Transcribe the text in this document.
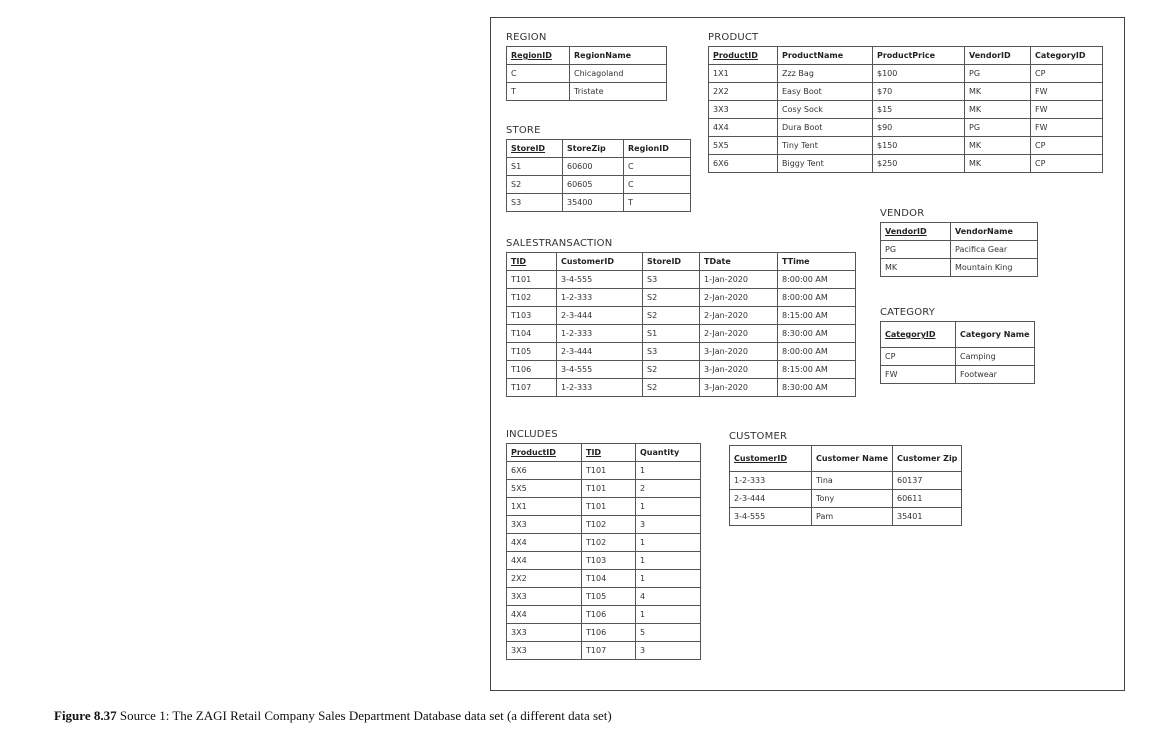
REGION
RegionID	RegionName
C	Chicagoland
T	Tristate
STORE
StoreID	StoreZip	RegionID
S1	60600	C
S2	60605	C
S3	35400	T
PRODUCT
ProductID	ProductName	ProductPrice	VendorID	CategoryID
1X1	Zzz Bag	$100	PG	CP
2X2	Easy Boot	$70	MK	FW
3X3	Cosy Sock	$15	MK	FW
4X4	Dura Boot	$90	PG	FW
5X5	Tiny Tent	$150	MK	CP
6X6	Biggy Tent	$250	MK	CP
VENDOR
VendorID	VendorName
PG	Pacifica Gear
MK	Mountain King
SALESTRANSACTION
TID	CustomerID	StoreID	TDate	TTime
T101	3-4-555	S3	1-Jan-2020	8:00:00 AM
T102	1-2-333	S2	2-Jan-2020	8:00:00 AM
T103	2-3-444	S2	2-Jan-2020	8:15:00 AM
T104	1-2-333	S1	2-Jan-2020	8:30:00 AM
T105	2-3-444	S3	3-Jan-2020	8:00:00 AM
T106	3-4-555	S2	3-Jan-2020	8:15:00 AM
T107	1-2-333	S2	3-Jan-2020	8:30:00 AM
CATEGORY
CategoryID	Category Name
CP	Camping
FW	Footwear
INCLUDES
ProductID	TID	Quantity
6X6	T101	1
5X5	T101	2
1X1	T101	1
3X3	T102	3
4X4	T102	1
4X4	T103	1
2X2	T104	1
3X3	T105	4
4X4	T106	1
3X3	T106	5
3X3	T107	3
CUSTOMER
CustomerID	Customer Name	Customer Zip
1-2-333	Tina	60137
2-3-444	Tony	60611
3-4-555	Pam	35401
Figure 8.37 Source 1: The ZAGI Retail Company Sales Department Database data set (a different data set)
